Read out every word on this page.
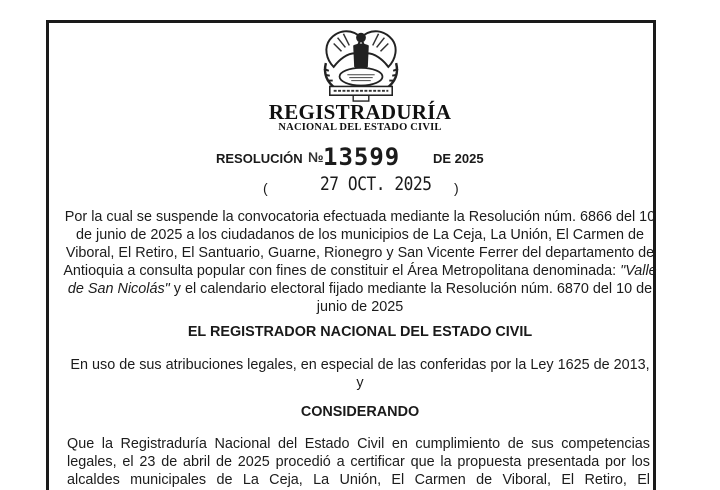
REGISTRADURÍA
NACIONAL DEL ESTADO CIVIL
RESOLUCIÓN № 13599	DE 2025
(	27 OCT. 2025 )
Por la cual se suspende la convocatoria efectuada mediante la Resolución núm. 6866 del 10 de junio de 2025 a los ciudadanos de los municipios de La Ceja, La Unión, El Carmen de Viboral, El Retiro, El Santuario, Guarne, Rionegro y San Vicente Ferrer del departamento de Antioquia a consulta popular con fines de constituir el Área Metropolitana denominada: "Valle de San Nicolás" y el calendario electoral fijado mediante la Resolución núm. 6870 del 10 de junio de 2025
EL REGISTRADOR NACIONAL DEL ESTADO CIVIL
En uso de sus atribuciones legales, en especial de las conferidas por la Ley 1625 de 2013, y
CONSIDERANDO
Que la Registraduría Nacional del Estado Civil en cumplimiento de sus competencias
legales, el 23 de abril de 2025 procedió a certificar que la propuesta presentada por los
alcaldes municipales de La Ceja, La Unión, El Carmen de Viboral, El Retiro, El
